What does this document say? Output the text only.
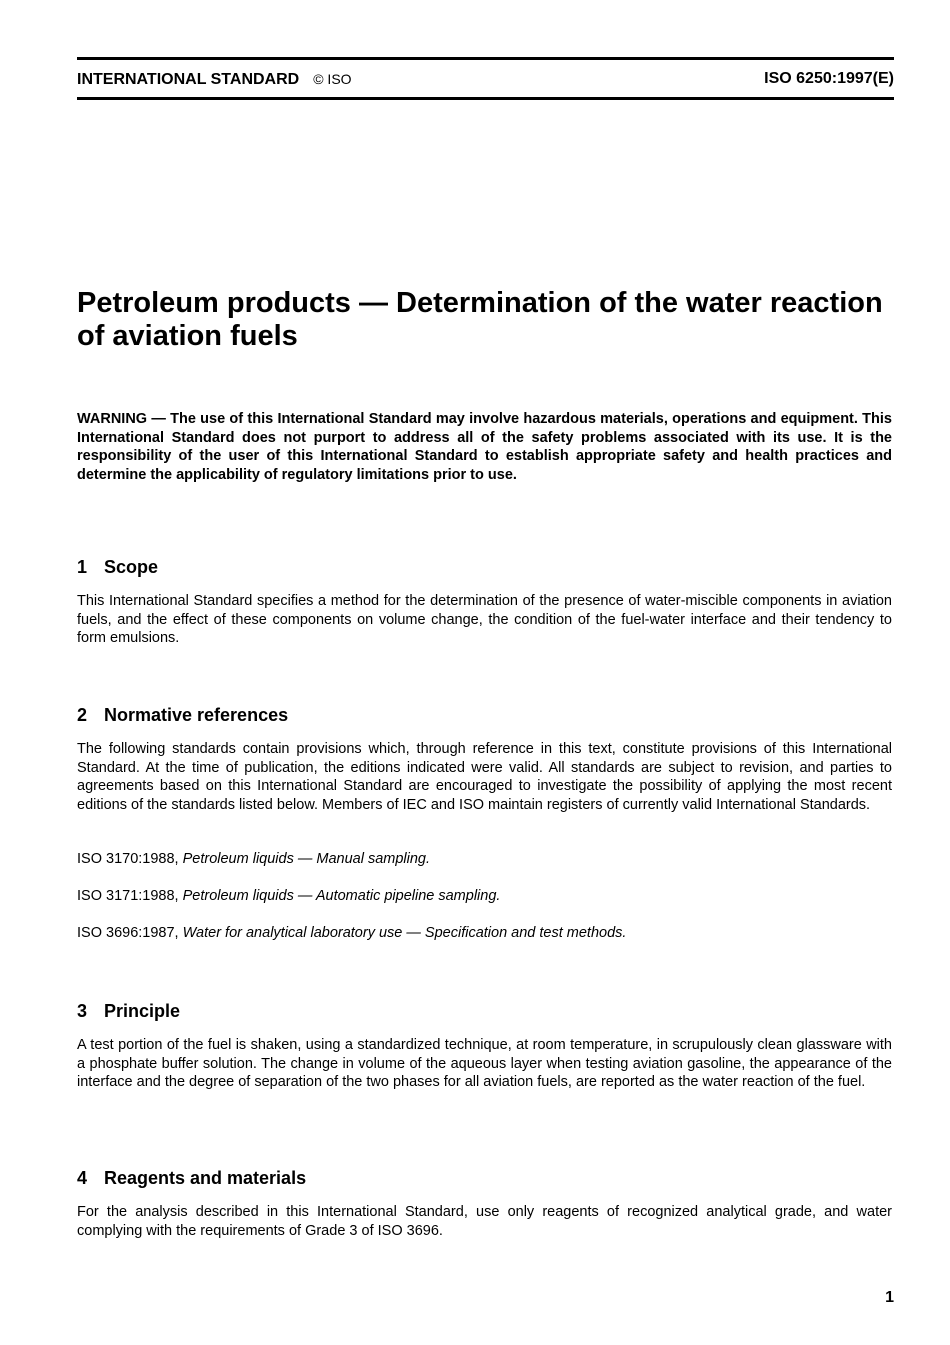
INTERNATIONAL STANDARD © ISO	ISO 6250:1997(E)
Petroleum products — Determination of the water reaction of aviation fuels

WARNING — The use of this International Standard may involve hazardous materials, operations and equipment. This International Standard does not purport to address all of the safety problems associated with its use. It is the responsibility of the user of this International Standard to establish appropriate safety and health practices and determine the applicability of regulatory limitations prior to use.

1 Scope

This International Standard specifies a method for the determination of the presence of water-miscible components in aviation fuels, and the effect of these components on volume change, the condition of the fuel-water interface and their tendency to form emulsions.

2 Normative references

The following standards contain provisions which, through reference in this text, constitute provisions of this International Standard. At the time of publication, the editions indicated were valid. All standards are subject to revision, and parties to agreements based on this International Standard are encouraged to investigate the possibility of applying the most recent editions of the standards listed below. Members of IEC and ISO maintain registers of currently valid International Standards.

ISO 3170:1988, Petroleum liquids — Manual sampling.

ISO 3171:1988, Petroleum liquids — Automatic pipeline sampling.

ISO 3696:1987, Water for analytical laboratory use — Specification and test methods.

3 Principle

A test portion of the fuel is shaken, using a standardized technique, at room temperature, in scrupulously clean glassware with a phosphate buffer solution. The change in volume of the aqueous layer when testing aviation gasoline, the appearance of the interface and the degree of separation of the two phases for all aviation fuels, are reported as the water reaction of the fuel.

4 Reagents and materials

For the analysis described in this International Standard, use only reagents of recognized analytical grade, and water complying with the requirements of Grade 3 of ISO 3696.

1
